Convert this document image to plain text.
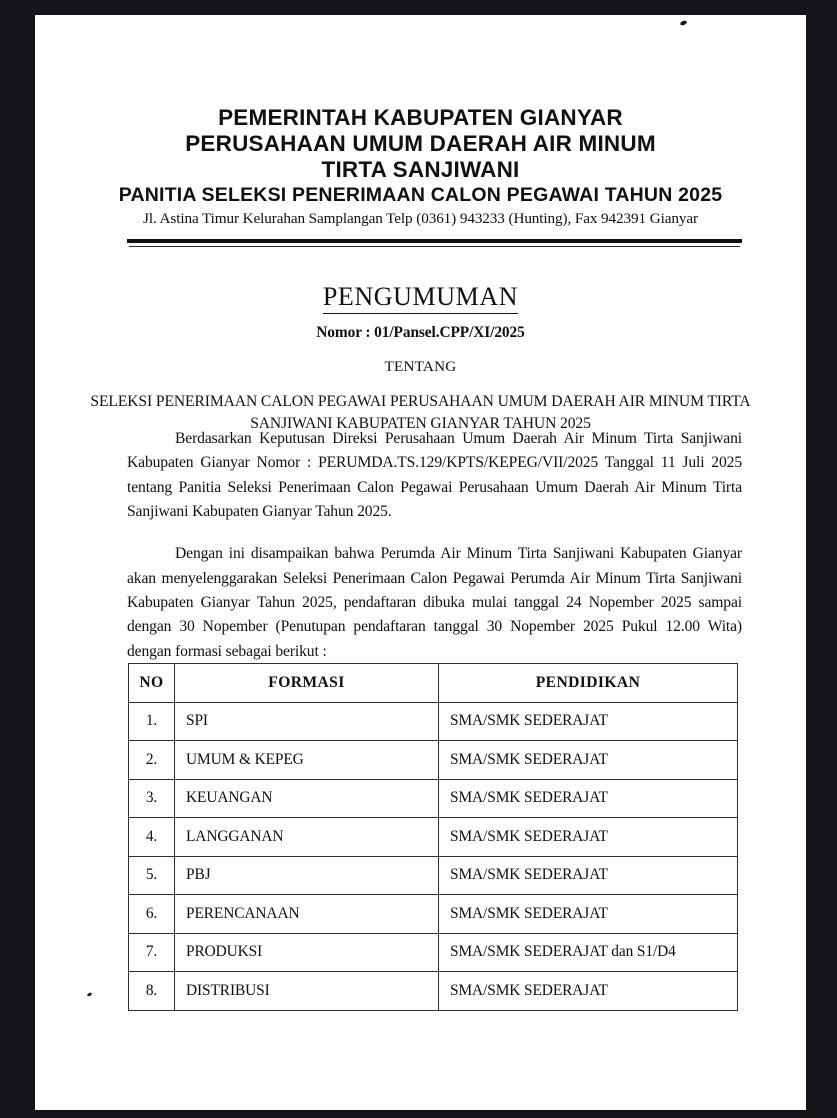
PEMERINTAH KABUPATEN GIANYAR
PERUSAHAAN UMUM DAERAH AIR MINUM
TIRTA SANJIWANI
PANITIA SELEKSI PENERIMAAN CALON PEGAWAI TAHUN 2025
Jl. Astina Timur Kelurahan Samplangan Telp (0361) 943233 (Hunting), Fax 942391 Gianyar
PENGUMUMAN
Nomor : 01/Pansel.CPP/XI/2025
TENTANG
SELEKSI PENERIMAAN CALON PEGAWAI PERUSAHAAN UMUM DAERAH AIR MINUM TIRTA SANJIWANI KABUPATEN GIANYAR TAHUN 2025

Berdasarkan Keputusan Direksi Perusahaan Umum Daerah Air Minum Tirta Sanjiwani Kabupaten Gianyar Nomor : PERUMDA.TS.129/KPTS/KEPEG/VII/2025 Tanggal 11 Juli 2025 tentang Panitia Seleksi Penerimaan Calon Pegawai Perusahaan Umum Daerah Air Minum Tirta Sanjiwani Kabupaten Gianyar Tahun 2025.

Dengan ini disampaikan bahwa Perumda Air Minum Tirta Sanjiwani Kabupaten Gianyar akan menyelenggarakan Seleksi Penerimaan Calon Pegawai Perumda Air Minum Tirta Sanjiwani Kabupaten Gianyar Tahun 2025, pendaftaran dibuka mulai tanggal 24 Nopember 2025 sampai dengan 30 Nopember (Penutupan pendaftaran tanggal 30 Nopember 2025 Pukul 12.00 Wita) dengan formasi sebagai berikut :

NO	FORMASI	PENDIDIKAN
1.	SPI	SMA/SMK SEDERAJAT
2.	UMUM & KEPEG	SMA/SMK SEDERAJAT
3.	KEUANGAN	SMA/SMK SEDERAJAT
4.	LANGGANAN	SMA/SMK SEDERAJAT
5.	PBJ	SMA/SMK SEDERAJAT
6.	PERENCANAAN	SMA/SMK SEDERAJAT
7.	PRODUKSI	SMA/SMK SEDERAJAT dan S1/D4
8.	DISTRIBUSI	SMA/SMK SEDERAJAT
